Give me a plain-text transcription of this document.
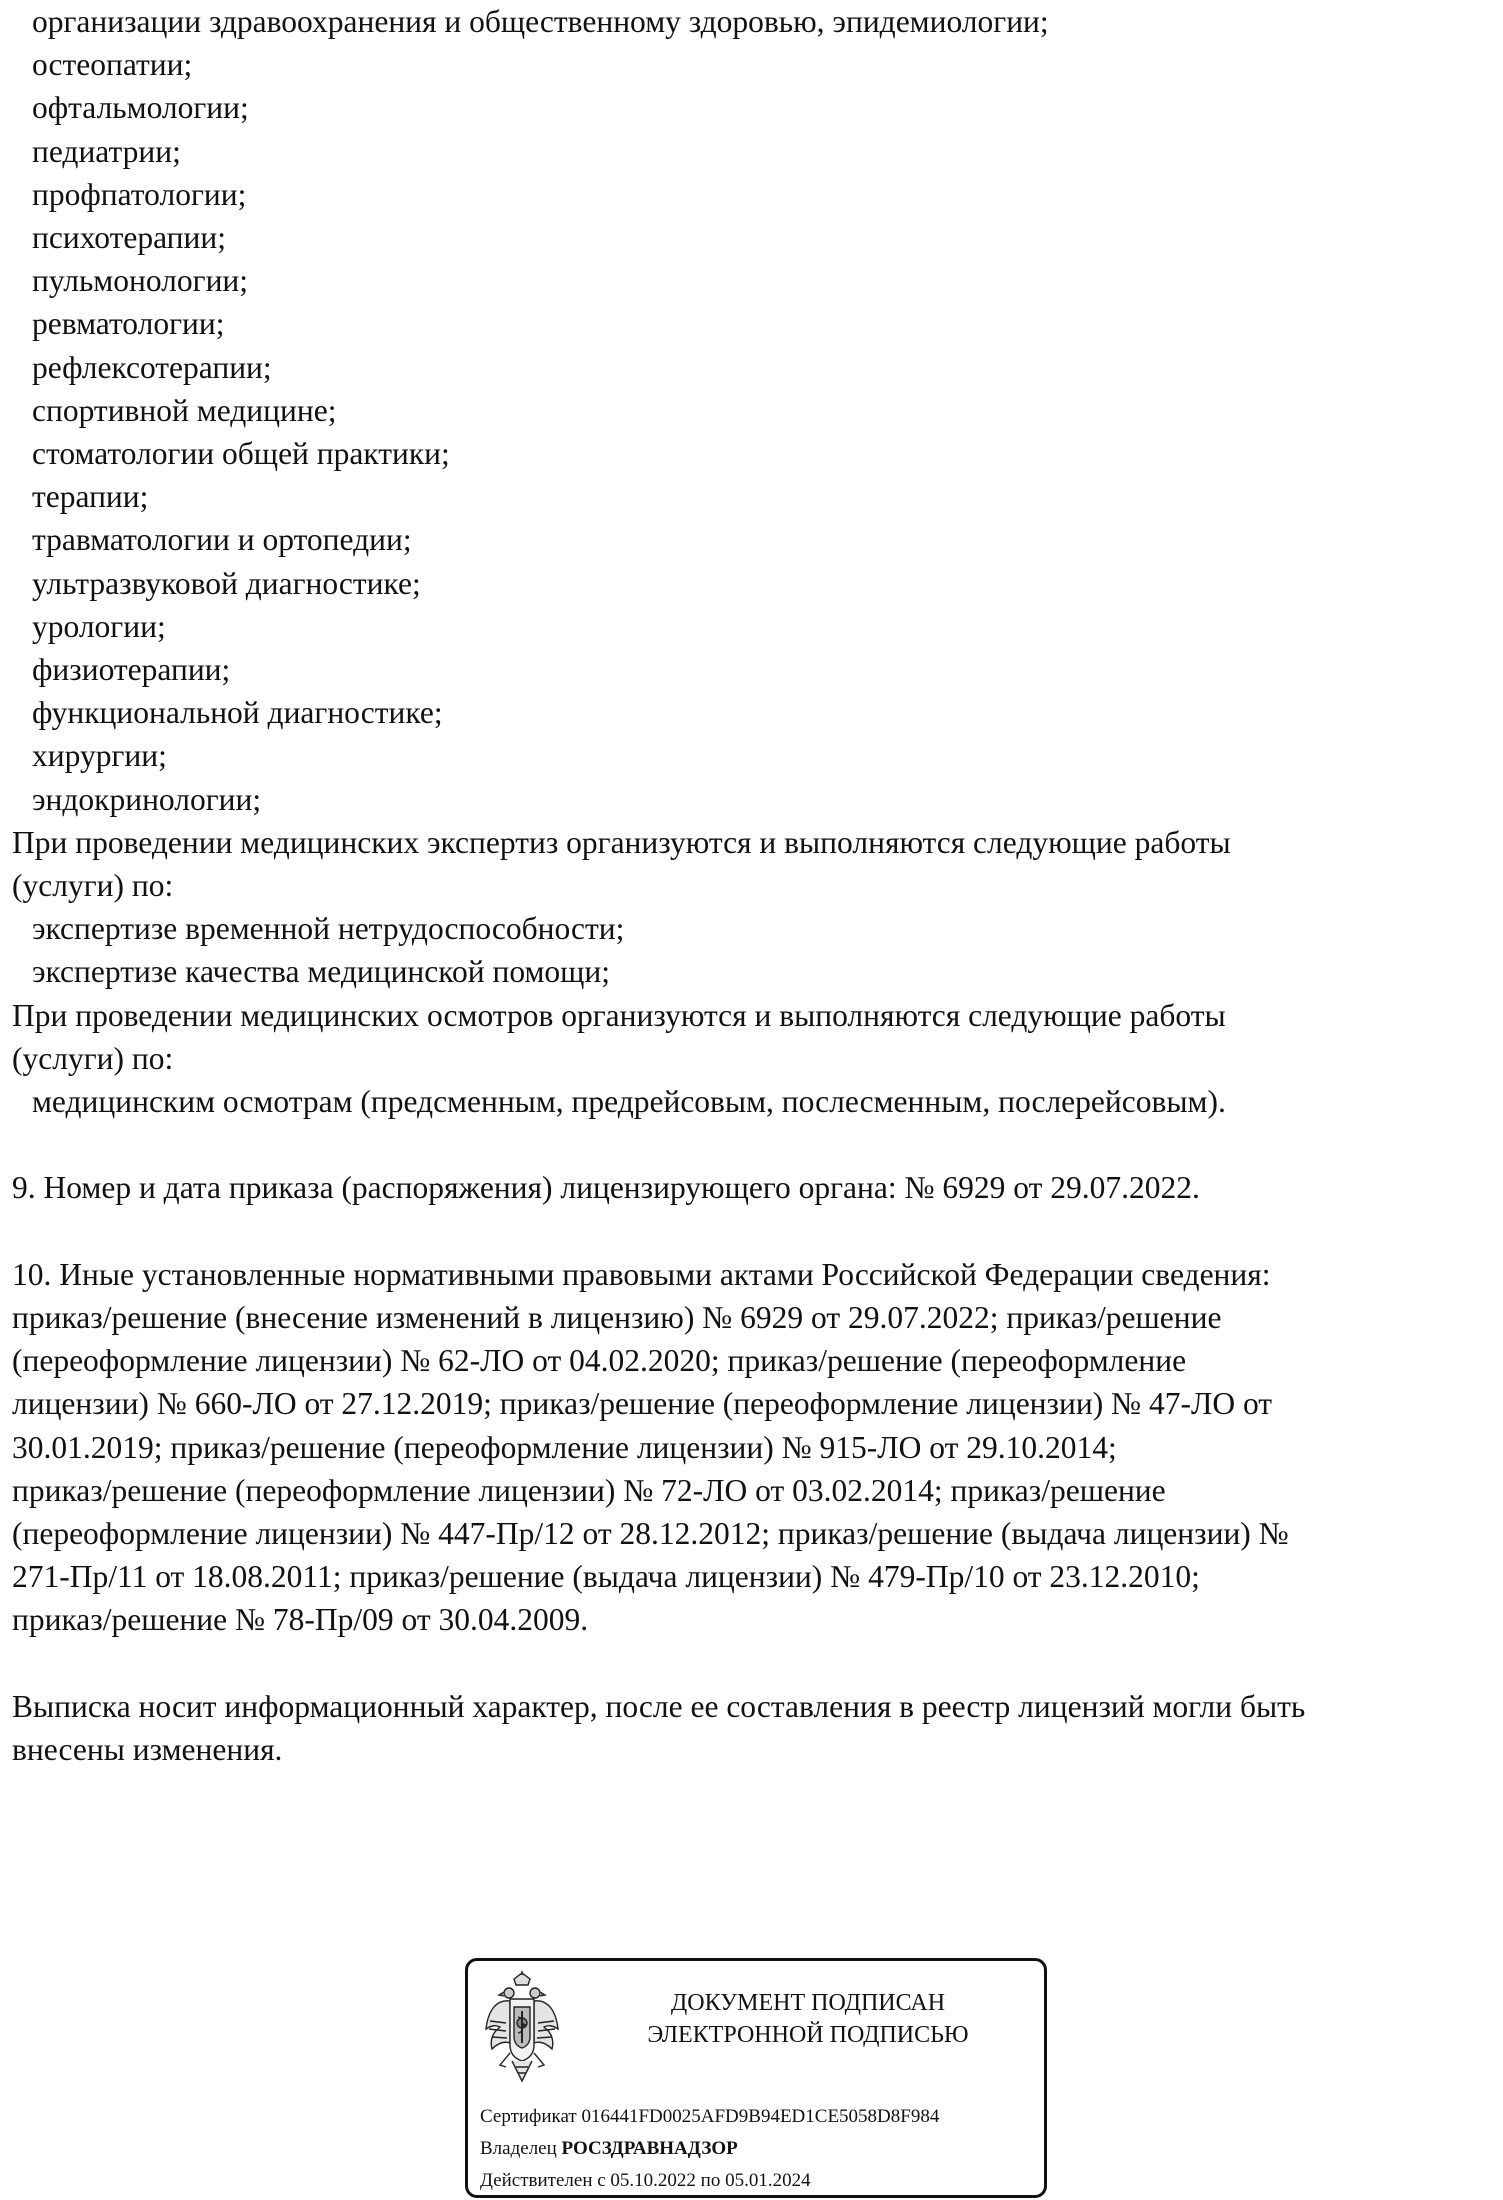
организации здравоохранения и общественному здоровью, эпидемиологии;
остеопатии;
офтальмологии;
педиатрии;
профпатологии;
психотерапии;
пульмонологии;
ревматологии;
рефлексотерапии;
спортивной медицине;
стоматологии общей практики;
терапии;
травматологии и ортопедии;
ультразвуковой диагностике;
урологии;
физиотерапии;
функциональной диагностике;
хирургии;
эндокринологии;
При проведении медицинских экспертиз организуются и выполняются следующие работы
(услуги) по:
экспертизе временной нетрудоспособности;
экспертизе качества медицинской помощи;
При проведении медицинских осмотров организуются и выполняются следующие работы
(услуги) по:
медицинским осмотрам (предсменным, предрейсовым, послесменным, послерейсовым).
9. Номер и дата приказа (распоряжения) лицензирующего органа: № 6929 от 29.07.2022.
10. Иные установленные нормативными правовыми актами Российской Федерации сведения:
приказ/решение (внесение изменений в лицензию) № 6929 от 29.07.2022; приказ/решение
(переоформление лицензии) № 62-ЛО от 04.02.2020; приказ/решение (переоформление
лицензии) № 660-ЛО от 27.12.2019; приказ/решение (переоформление лицензии) № 47-ЛО от
30.01.2019; приказ/решение (переоформление лицензии) № 915-ЛО от 29.10.2014;
приказ/решение (переоформление лицензии) № 72-ЛО от 03.02.2014; приказ/решение
(переоформление лицензии) № 447-Пр/12 от 28.12.2012; приказ/решение (выдача лицензии) №
271-Пр/11 от 18.08.2011; приказ/решение (выдача лицензии) № 479-Пр/10 от 23.12.2010;
приказ/решение № 78-Пр/09 от 30.04.2009.
Выписка носит информационный характер, после ее составления в реестр лицензий могли быть
внесены изменения.
ДОКУМЕНТ ПОДПИСАН
ЭЛЕКТРОННОЙ ПОДПИСЬЮ
Сертификат 016441FD0025AFD9B94ED1CE5058D8F984
Владелец РОСЗДРАВНАДЗОР
Действителен с 05.10.2022 по 05.01.2024
